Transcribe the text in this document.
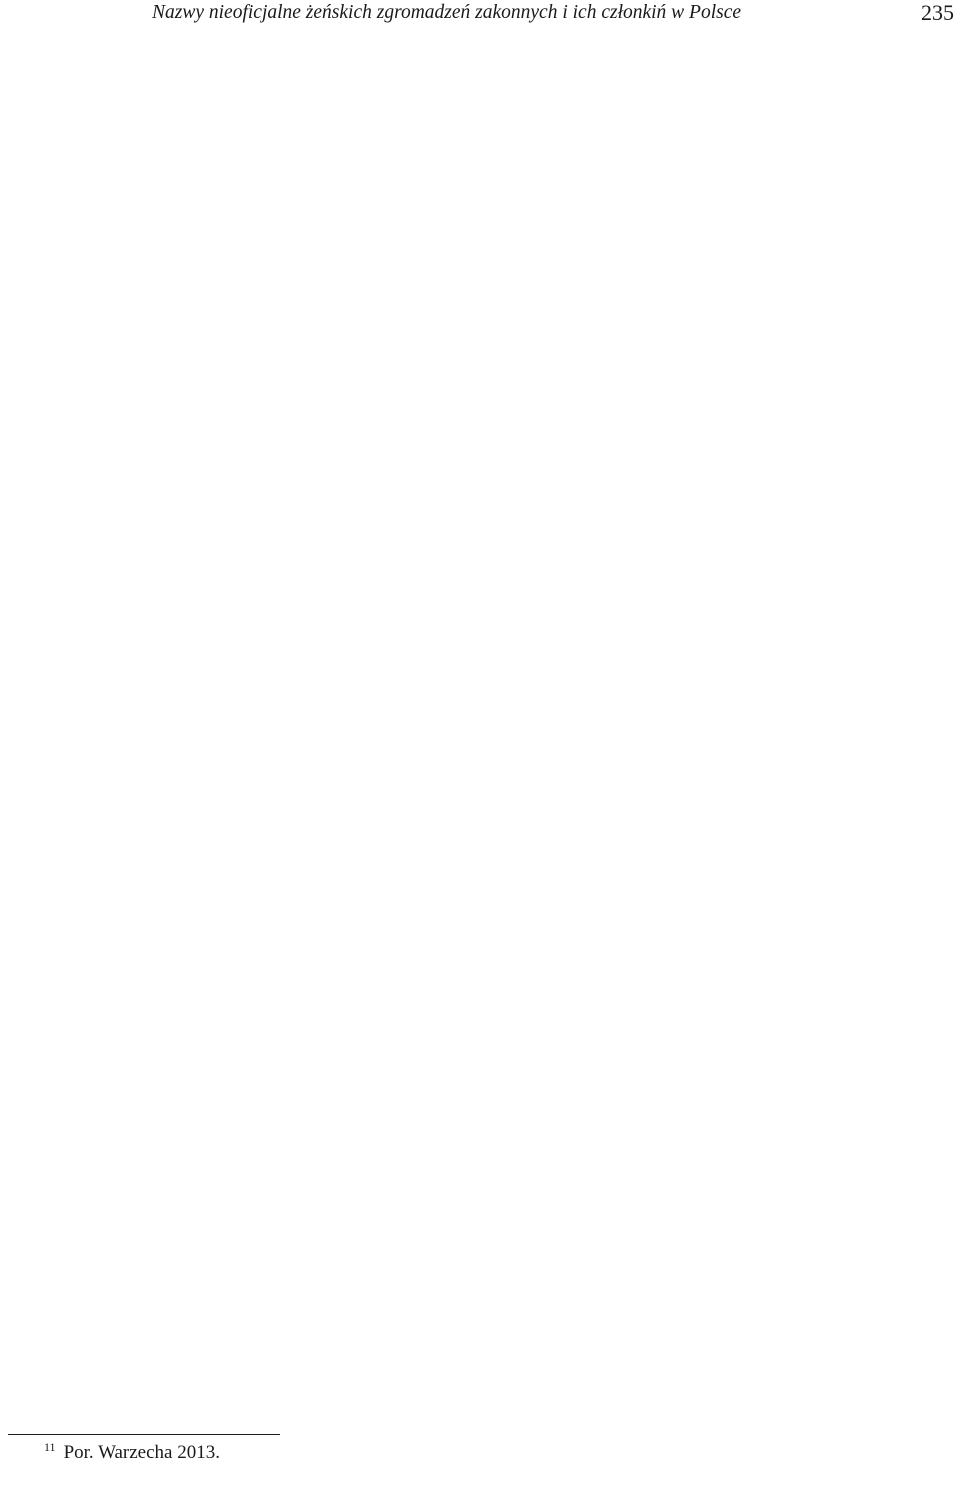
Nazwy nieoficjalne żeńskich zgromadzeń zakonnych i ich członkiń w Polsce	235
$^{11}$ Por. Warzecha 2013.
